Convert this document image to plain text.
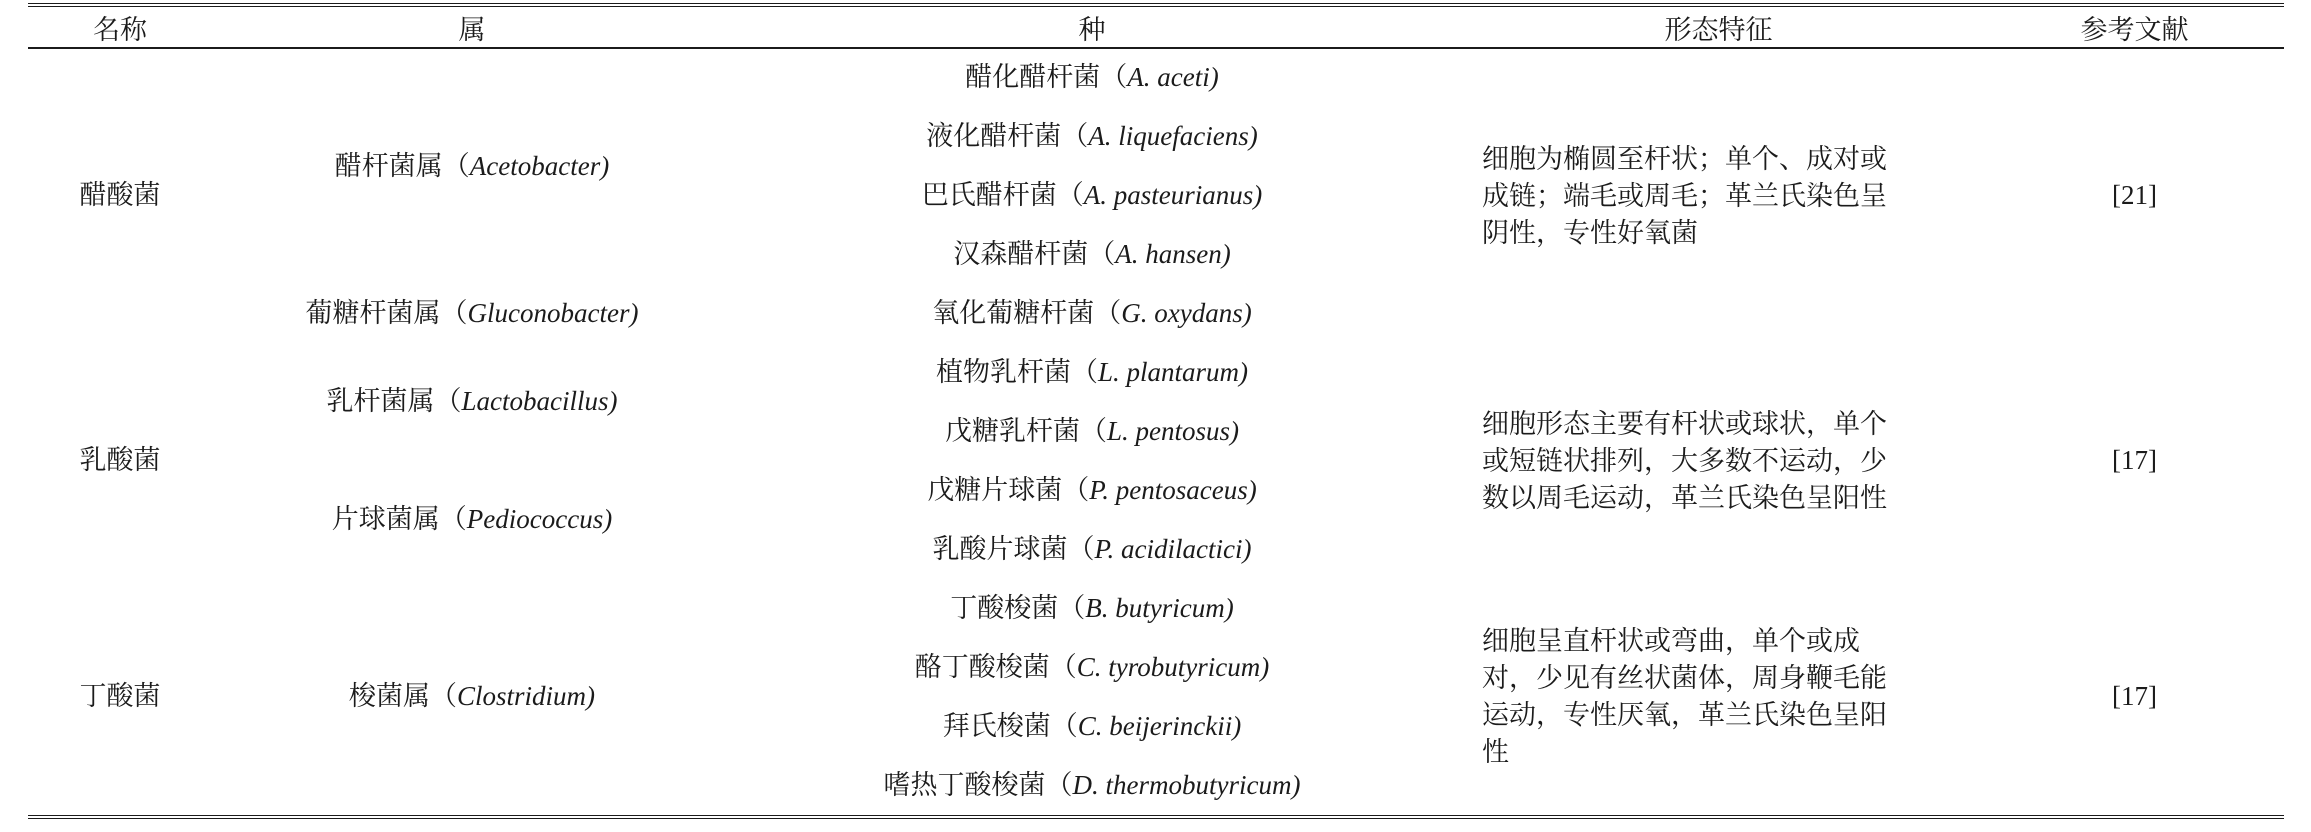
名称	属	种	形态特征	参考文献
醋酸菌	醋杆菌属（Acetobacter)	醋化醋杆菌（A. aceti)	细胞为椭圆至杆状；单个、成对或成链；端毛或周毛；革兰氏染色呈阴性，专性好氧菌	[21]
		液化醋杆菌（A. liquefaciens)		
		巴氏醋杆菌（A. pasteurianus)		
		汉森醋杆菌（A. hansen)		
	葡糖杆菌属（Gluconobacter)	氧化葡糖杆菌（G. oxydans)		
乳酸菌	乳杆菌属（Lactobacillus)	植物乳杆菌（L. plantarum)	细胞形态主要有杆状或球状，单个或短链状排列，大多数不运动，少数以周毛运动，革兰氏染色呈阳性	[17]
		戊糖乳杆菌（L. pentosus)		
	片球菌属（Pediococcus)	戊糖片球菌（P. pentosaceus)		
		乳酸片球菌（P. acidilactici)		
丁酸菌	梭菌属（Clostridium)	丁酸梭菌（B. butyricum)	细胞呈直杆状或弯曲，单个或成对，少见有丝状菌体，周身鞭毛能运动，专性厌氧，革兰氏染色呈阳性	[17]
		酪丁酸梭菌（C. tyrobutyricum)		
		拜氏梭菌（C. beijerinckii)		
		嗜热丁酸梭菌（D. thermobutyricum)		
